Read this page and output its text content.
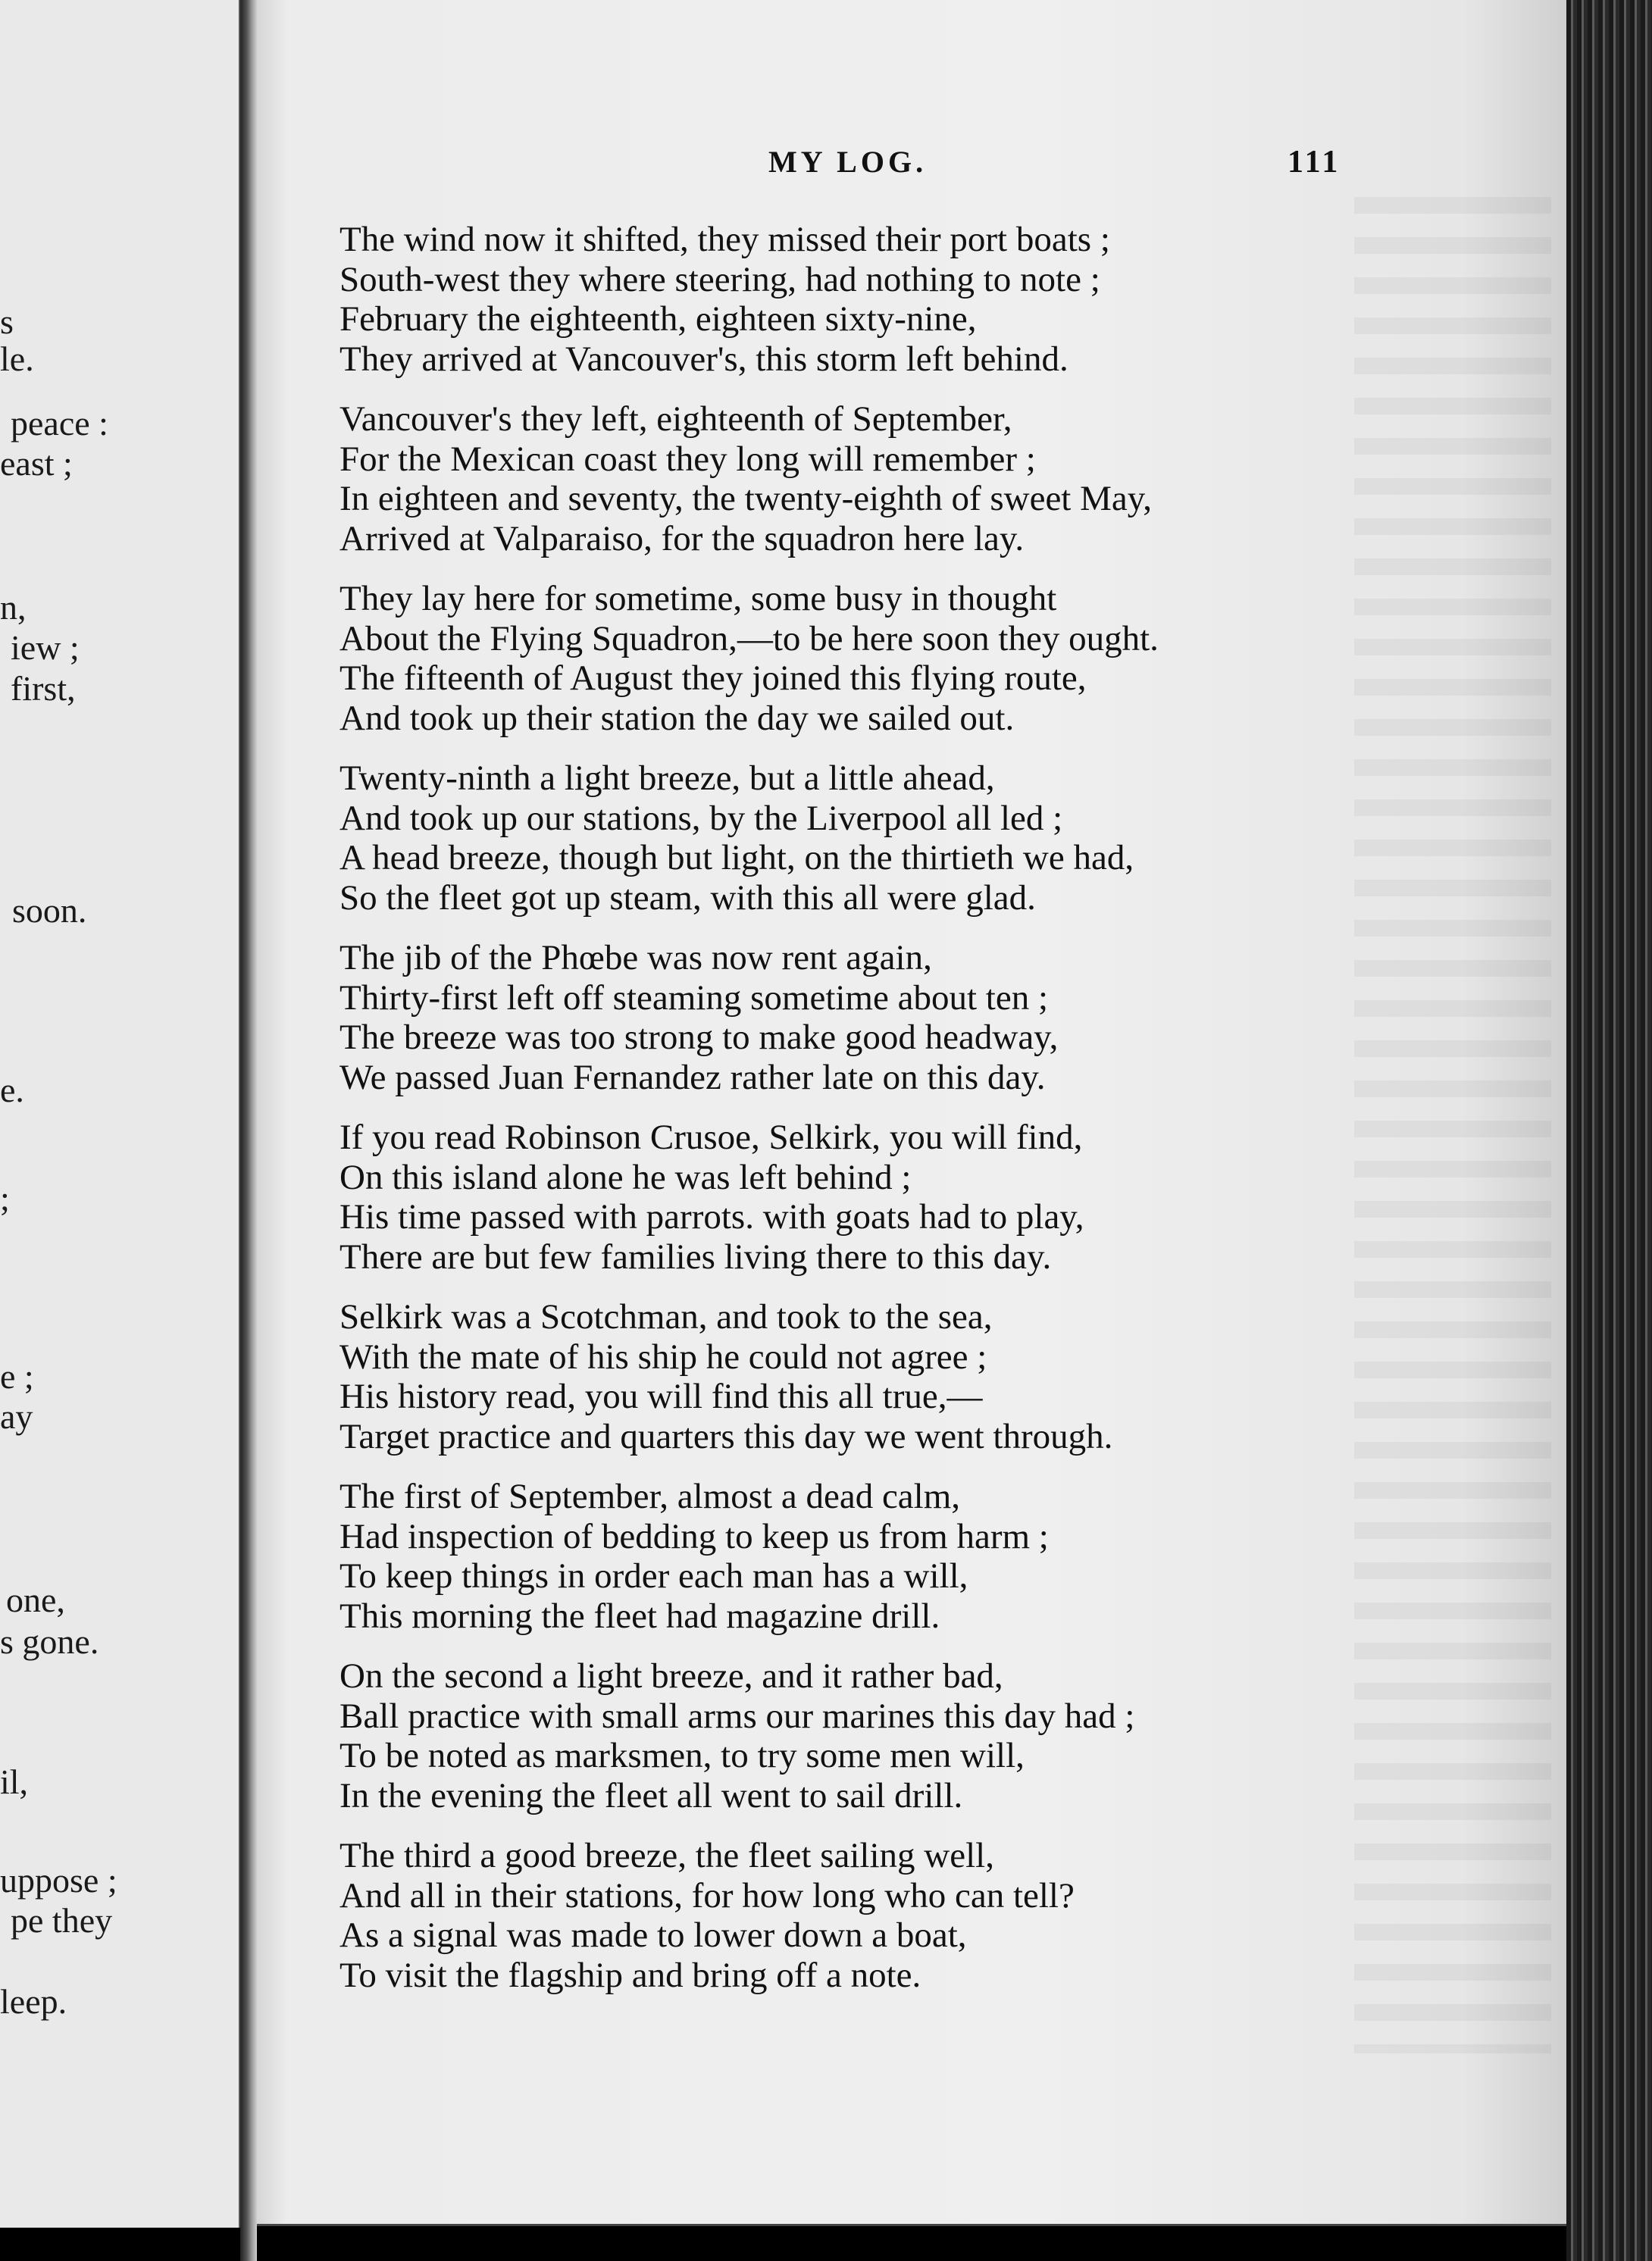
le.
peace :
east ;
n,
iew ;
first,
soon.
e.
e ;
ay
one,
s gone.
il,
uppose ;
pe they
leep.
s
;
MY LOG.	111
The wind now it shifted, they missed their port boats ;
South-west they where steering, had nothing to note ;
February the eighteenth, eighteen sixty-nine,
They arrived at Vancouver's, this storm left behind.
Vancouver's they left, eighteenth of September,
For the Mexican coast they long will remember ;
In eighteen and seventy, the twenty-eighth of sweet May,
Arrived at Valparaiso, for the squadron here lay.
They lay here for sometime, some busy in thought
About the Flying Squadron,—to be here soon they ought.
The fifteenth of August they joined this flying route,
And took up their station the day we sailed out.
Twenty-ninth a light breeze, but a little ahead,
And took up our stations, by the Liverpool all led ;
A head breeze, though but light, on the thirtieth we had,
So the fleet got up steam, with this all were glad.
The jib of the Phœbe was now rent again,
Thirty-first left off steaming sometime about ten ;
The breeze was too strong to make good headway,
We passed Juan Fernandez rather late on this day.
If you read Robinson Crusoe, Selkirk, you will find,
On this island alone he was left behind ;
His time passed with parrots. with goats had to play,
There are but few families living there to this day.
Selkirk was a Scotchman, and took to the sea,
With the mate of his ship he could not agree ;
His history read, you will find this all true,—
Target practice and quarters this day we went through.
The first of September, almost a dead calm,
Had inspection of bedding to keep us from harm ;
To keep things in order each man has a will,
This morning the fleet had magazine drill.
On the second a light breeze, and it rather bad,
Ball practice with small arms our marines this day had ;
To be noted as marksmen, to try some men will,
In the evening the fleet all went to sail drill.
The third a good breeze, the fleet sailing well,
And all in their stations, for how long who can tell?
As a signal was made to lower down a boat,
To visit the flagship and bring off a note.
